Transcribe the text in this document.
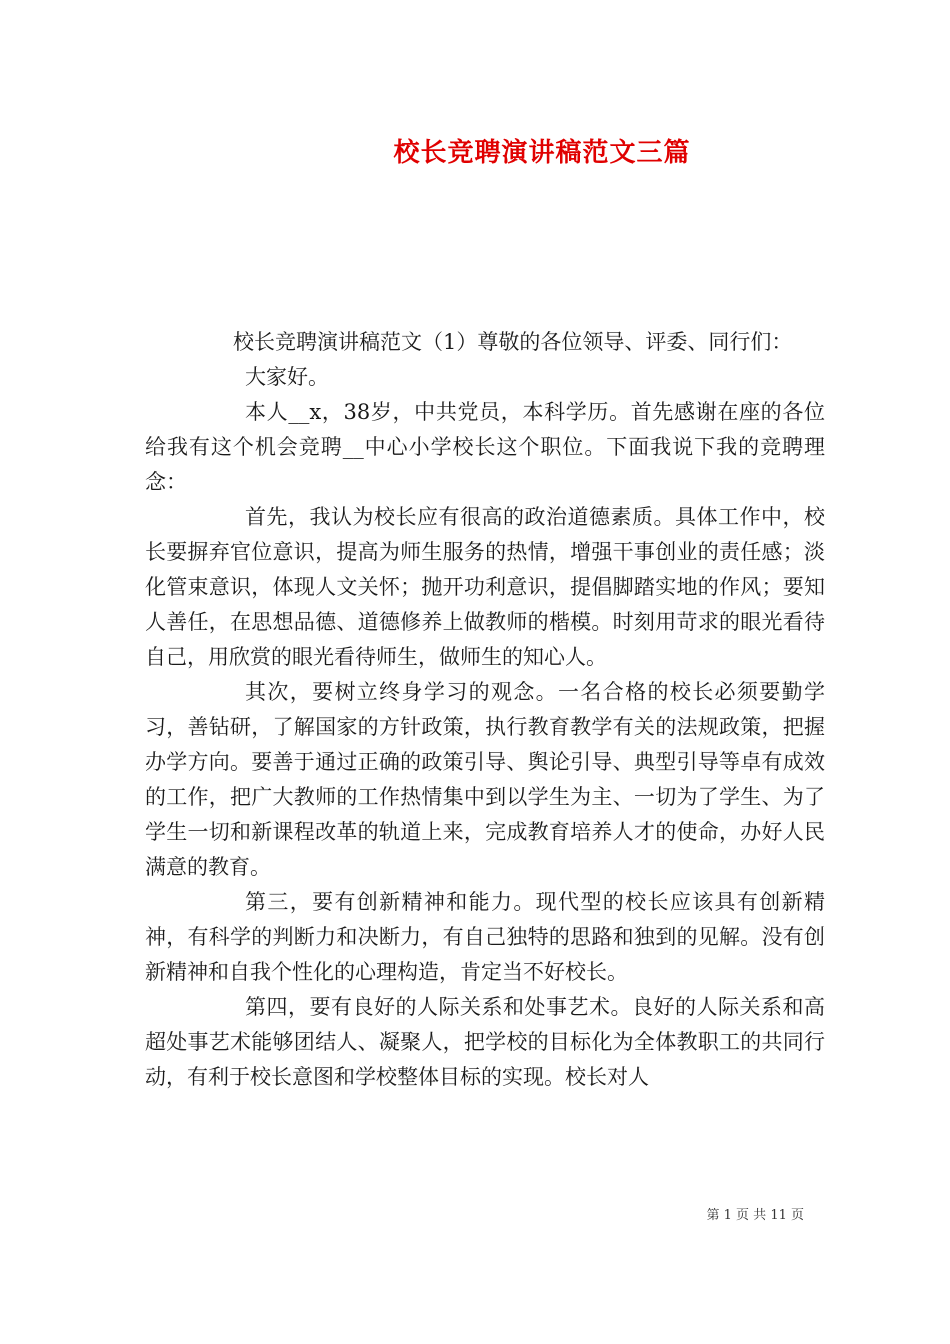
校长竞聘演讲稿范文三篇

校长竞聘演讲稿范文（1）尊敬的各位领导、评委、同行们：

大家好。

本人__x，38岁，中共党员，本科学历。首先感谢在座的各位给我有这个机会竞聘__中心小学校长这个职位。下面我说下我的竞聘理念：

首先，我认为校长应有很高的政治道德素质。具体工作中，校长要摒弃官位意识，提高为师生服务的热情，增强干事创业的责任感；淡化管束意识，体现人文关怀；抛开功利意识，提倡脚踏实地的作风；要知人善任，在思想品德、道德修养上做教师的楷模。时刻用苛求的眼光看待自己，用欣赏的眼光看待师生，做师生的知心人。

其次，要树立终身学习的观念。一名合格的校长必须要勤学习，善钻研，了解国家的方针政策，执行教育教学有关的法规政策，把握办学方向。要善于通过正确的政策引导、舆论引导、典型引导等卓有成效的工作，把广大教师的工作热情集中到以学生为主、一切为了学生、为了学生一切和新课程改革的轨道上来，完成教育培养人才的使命，办好人民满意的教育。

第三，要有创新精神和能力。现代型的校长应该具有创新精神，有科学的判断力和决断力，有自己独特的思路和独到的见解。没有创新精神和自我个性化的心理构造，肯定当不好校长。

第四，要有良好的人际关系和处事艺术。良好的人际关系和高超处事艺术能够团结人、凝聚人，把学校的目标化为全体教职工的共同行动，有利于校长意图和学校整体目标的实现。校长对人

第 1 页 共 11 页
